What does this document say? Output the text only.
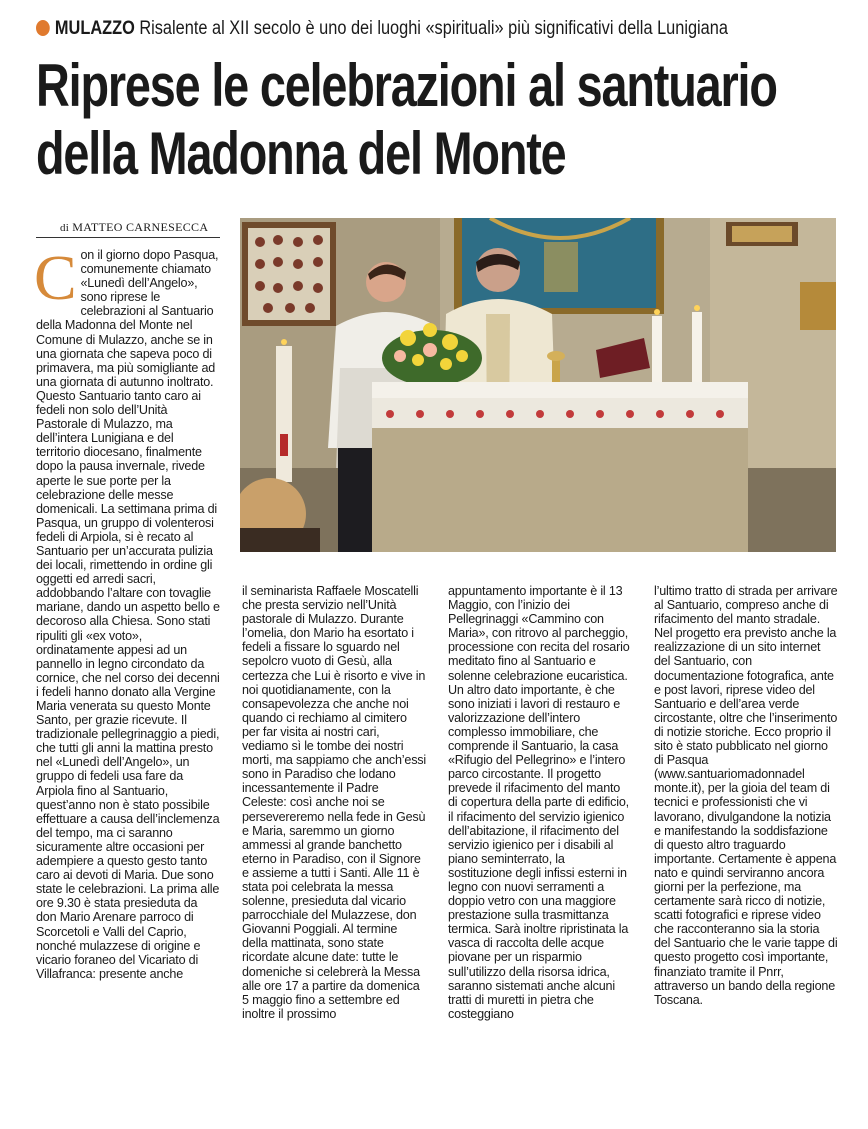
MULAZZO Risalente al XII secolo è uno dei luoghi «spirituali» più significativi della Lunigiana
Riprese le celebrazioni al santuario
della Madonna del Monte
di MATTEO CARNESECCA
C on il giorno dopo Pasqua, comunemente chiamato «Lunedì dell’Angelo», sono riprese le celebrazioni al Santuario della Madonna del Monte nel Comune di Mulazzo, anche se in una giornata che sapeva poco di primavera, ma più somigliante ad una giornata di autunno inoltrato. Questo Santuario tanto caro ai fedeli non solo dell’Unità Pastorale di Mulazzo, ma dell’intera Lunigiana e del territorio diocesano, finalmente dopo la pausa invernale, rivede aperte le sue porte per la celebrazione delle messe domenicali. La settimana prima di Pasqua, un gruppo di volenterosi fedeli di Arpiola, si è recato al Santuario per un’accurata pulizia dei locali, rimettendo in ordine gli oggetti ed arredi sacri, addobbando l’altare con tovaglie mariane, dando un aspetto bello e decoroso alla Chiesa. Sono stati ripuliti gli «ex voto», ordinatamente appesi ad un pannello in legno circondato da cornice, che nel corso dei decenni i fedeli hanno donato alla Vergine Maria venerata su questo Monte Santo, per grazie ricevute. Il tradizionale pellegrinaggio a piedi, che tutti gli anni la mattina presto nel «Lunedì dell’Angelo», un gruppo di fedeli usa fare da Arpiola fino al Santuario, quest’anno non è stato possibile effettuare a causa dell’inclemenza del tempo, ma ci saranno sicuramente altre occasioni per adempiere a questo gesto tanto caro ai devoti di Maria. Due sono state le celebrazioni. La prima alle ore 9.30 è stata presieduta da don Mario Arenare parroco di Scorcetoli e Valli del Caprio, nonché mulazzese di origine e vicario foraneo del Vicariato di Villafranca: presente anche

il seminarista Raffaele Moscatelli che presta servizio nell’Unità pastorale di Mulazzo. Durante l’omelia, don Mario ha esortato i fedeli a fissare lo sguardo nel sepolcro vuoto di Gesù, alla certezza che Lui è risorto e vive in noi quotidianamente, con la consapevolezza che anche noi quando ci rechiamo al cimitero per far visita ai nostri cari, vediamo sì le tombe dei nostri morti, ma sappiamo che anch’essi sono in Paradiso che lodano incessantemente il Padre Celeste: così anche noi se persevereremo nella fede in Gesù e Maria, saremmo un giorno ammessi al grande banchetto eterno in Paradiso, con il Signore e assieme a tutti i Santi. Alle 11 è stata poi celebrata la messa solenne, presieduta dal vicario parrocchiale del Mulazzese, don Giovanni Poggiali. Al termine della mattinata, sono state ricordate alcune date: tutte le domeniche si celebrerà la Messa alle ore 17 a partire da domenica 5 maggio fino a settembre ed inoltre il prossimo

appuntamento importante è il 13 Maggio, con l’inizio dei Pellegrinaggi «Cammino con Maria», con ritrovo al parcheggio, processione con recita del rosario meditato fino al Santuario e solenne celebrazione eucaristica. Un altro dato importante, è che sono iniziati i lavori di restauro e valorizzazione dell’intero complesso immobiliare, che comprende il Santuario, la casa «Rifugio del Pellegrino» e l’intero parco circostante. Il progetto prevede il rifacimento del manto di copertura della parte di edificio, il rifacimento del servizio igienico dell’abitazione, il rifacimento del servizio igienico per i disabili al piano seminterrato, la sostituzione degli infissi esterni in legno con nuovi serramenti a doppio vetro con una maggiore prestazione sulla trasmittanza termica. Sarà inoltre ripristinata la vasca di raccolta delle acque piovane per un risparmio sull’utilizzo della risorsa idrica, saranno sistemati anche alcuni tratti di muretti in pietra che costeggiano

l’ultimo tratto di strada per arrivare al Santuario, compreso anche di rifacimento del manto stradale. Nel progetto era previsto anche la realizzazione di un sito internet del Santuario, con documentazione fotografica, ante e post lavori, riprese video del Santuario e dell’area verde circostante, oltre che l’inserimento di notizie storiche. Ecco proprio il sito è stato pubblicato nel giorno di Pasqua (www.santuariomadonnadel monte.it), per la gioia del team di tecnici e professionisti che vi lavorano, divulgandone la notizia e manifestando la soddisfazione di questo altro traguardo importante. Certamente è appena nato e quindi serviranno ancora giorni per la perfezione, ma certamente sarà ricco di notizie, scatti fotografici e riprese video che racconteranno sia la storia del Santuario che le varie tappe di questo progetto così importante, finanziato tramite il Pnrr, attraverso un bando della regione Toscana.
